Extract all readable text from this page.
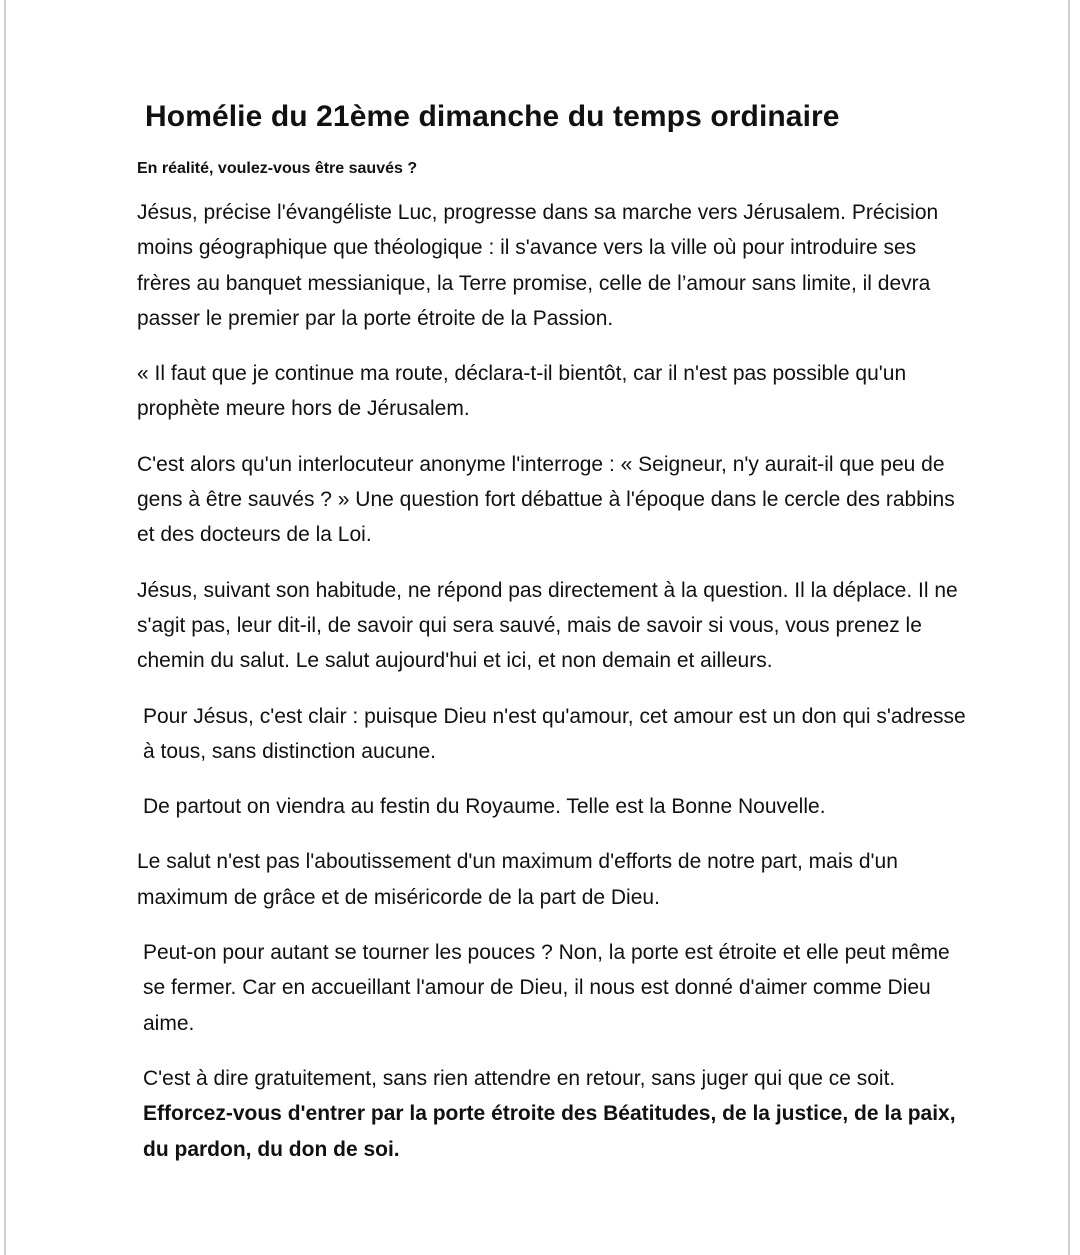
Homélie du 21ème dimanche du temps ordinaire

En réalité, voulez-vous être sauvés ?

Jésus, précise l'évangéliste Luc, progresse dans sa marche vers Jérusalem. Précision moins géographique que théologique : il s'avance vers la ville où pour introduire ses frères au banquet messianique, la Terre promise, celle de l’amour sans limite, il devra passer le premier par la porte étroite de la Passion.

« Il faut que je continue ma route, déclara-t-il bientôt, car il n'est pas possible qu'un prophète meure hors de Jérusalem.

C'est alors qu'un interlocuteur anonyme l'interroge : « Seigneur, n'y aurait-il que peu de gens à être sauvés ? » Une question fort débattue à l'époque dans le cercle des rabbins et des docteurs de la Loi.

Jésus, suivant son habitude, ne répond pas directement à la question. Il la déplace. Il ne s'agit pas, leur dit-il, de savoir qui sera sauvé, mais de savoir si vous, vous prenez le chemin du salut. Le salut aujourd'hui et ici, et non demain et ailleurs.

Pour Jésus, c'est clair : puisque Dieu n'est qu'amour, cet amour est un don qui s'adresse à tous, sans distinction aucune.

De partout on viendra au festin du Royaume. Telle est la Bonne Nouvelle.

Le salut n'est pas l'aboutissement d'un maximum d'efforts de notre part, mais d'un maximum de grâce et de miséricorde de la part de Dieu.

Peut-on pour autant se tourner les pouces ? Non, la porte est étroite et elle peut même se fermer. Car en accueillant l'amour de Dieu, il nous est donné d'aimer comme Dieu aime.

C'est à dire gratuitement, sans rien attendre en retour, sans juger qui que ce soit. Efforcez-vous d'entrer par la porte étroite des Béatitudes, de la justice, de la paix, du pardon, du don de soi.
